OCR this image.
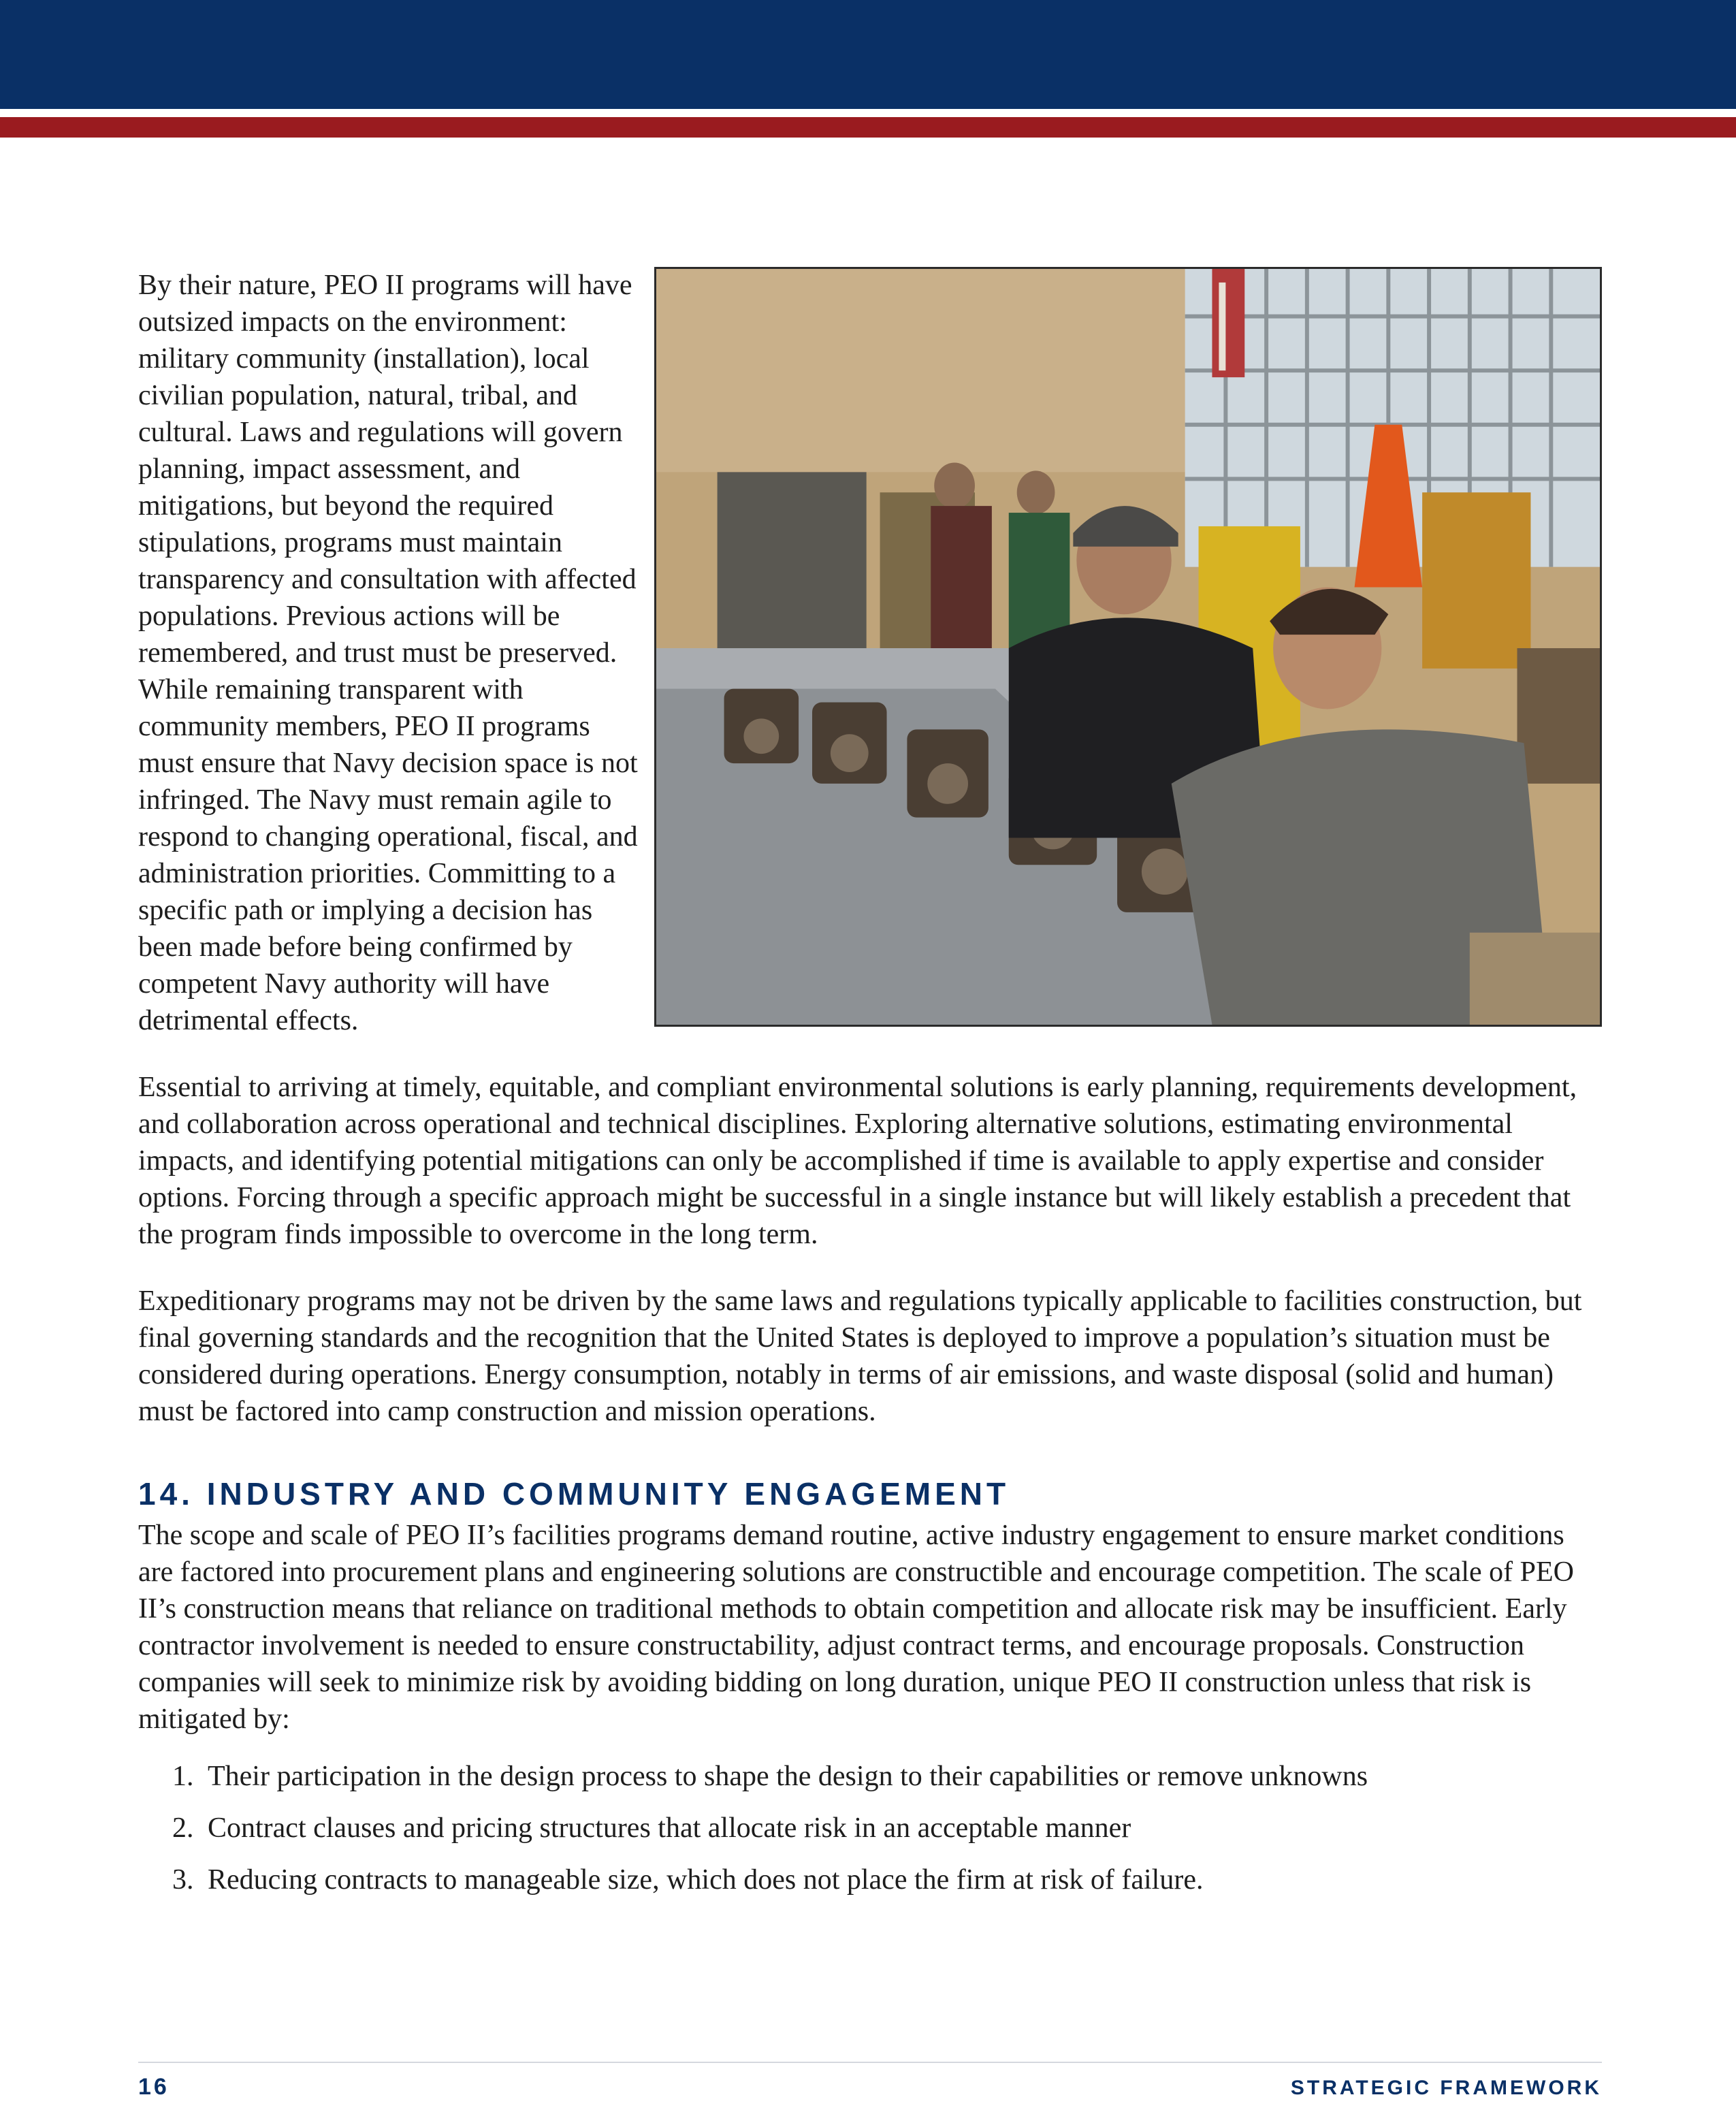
By their nature, PEO II programs will have outsized impacts on the environment: military community (installation), local civilian population, natural, tribal, and cultural. Laws and regulations will govern planning, impact assessment, and mitigations, but beyond the required stipulations, programs must maintain transparency and consultation with affected populations. Previous actions will be remembered, and trust must be preserved. While remaining transparent with community members, PEO II programs must ensure that Navy decision space is not infringed. The Navy must remain agile to respond to changing operational, fiscal, and administration priorities. Committing to a specific path or implying a decision has been made before being confirmed by competent Navy authority will have detrimental effects.

Essential to arriving at timely, equitable, and compliant environmental solutions is early planning, requirements development, and collaboration across operational and technical disciplines. Exploring alternative solutions, estimating environmental impacts, and identifying potential mitigations can only be accomplished if time is available to apply expertise and consider options. Forcing through a specific approach might be successful in a single instance but will likely establish a precedent that the program finds impossible to overcome in the long term.

Expeditionary programs may not be driven by the same laws and regulations typically applicable to facilities construction, but final governing standards and the recognition that the United States is deployed to improve a population’s situation must be considered during operations. Energy consumption, notably in terms of air emissions, and waste disposal (solid and human) must be factored into camp construction and mission operations.

14. INDUSTRY AND COMMUNITY ENGAGEMENT

The scope and scale of PEO II’s facilities programs demand routine, active industry engagement to ensure market conditions are factored into procurement plans and engineering solutions are constructible and encourage competition. The scale of PEO II’s construction means that reliance on traditional methods to obtain competition and allocate risk may be insufficient. Early contractor involvement is needed to ensure constructability, adjust contract terms, and encourage proposals. Construction companies will seek to minimize risk by avoiding bidding on long duration, unique PEO II construction unless that risk is mitigated by:

1. Their participation in the design process to shape the design to their capabilities or remove unknowns
2. Contract clauses and pricing structures that allocate risk in an acceptable manner
3. Reducing contracts to manageable size, which does not place the firm at risk of failure.
16	STRATEGIC FRAMEWORK
